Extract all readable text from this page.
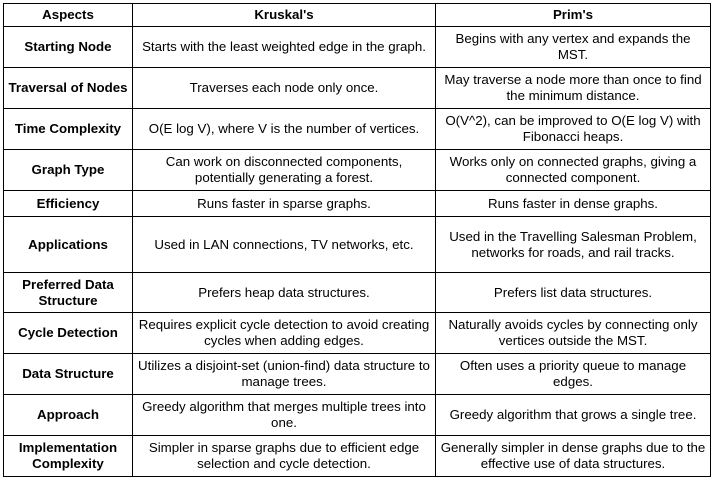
Aspects	Kruskal's	Prim's
Starting Node	Starts with the least weighted edge in the graph.	Begins with any vertex and expands the MST.
Traversal of Nodes	Traverses each node only once.	May traverse a node more than once to find the minimum distance.
Time Complexity	O(E log V), where V is the number of vertices.	O(V^2), can be improved to O(E log V) with Fibonacci heaps.
Graph Type	Can work on disconnected components, potentially generating a forest.	Works only on connected graphs, giving a connected component.
Efficiency	Runs faster in sparse graphs.	Runs faster in dense graphs.
Applications	Used in LAN connections, TV networks, etc.	Used in the Travelling Salesman Problem, networks for roads, and rail tracks.
Preferred Data Structure	Prefers heap data structures.	Prefers list data structures.
Cycle Detection	Requires explicit cycle detection to avoid creating cycles when adding edges.	Naturally avoids cycles by connecting only vertices outside the MST.
Data Structure	Utilizes a disjoint-set (union-find) data structure to manage trees.	Often uses a priority queue to manage edges.
Approach	Greedy algorithm that merges multiple trees into one.	Greedy algorithm that grows a single tree.
Implementation Complexity	Simpler in sparse graphs due to efficient edge selection and cycle detection.	Generally simpler in dense graphs due to the effective use of data structures.
